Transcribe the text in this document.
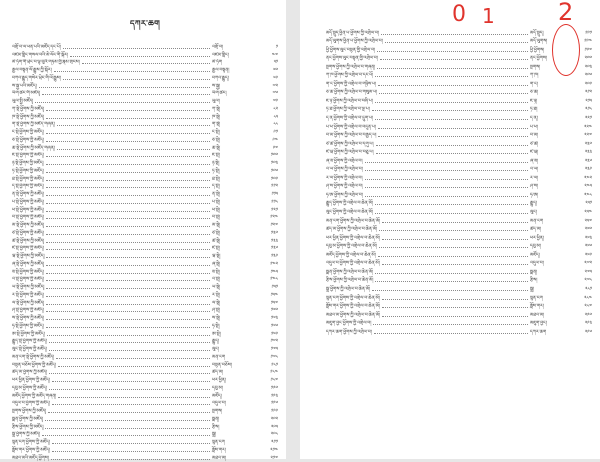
དཀར་ཆག
འགྲོ་བ་ལ་ཕན་པའི་མཛོད་དང་པོ།	འགྲོ་བ།	༡
འཛམ་གླིང་གསལ་བའི་མེ་ལོང་གི་སྐོར།	འཛམ་གླིང།	༤༧
མེ་ཏོག་གི་ཕྲེང་བ་ལྟ་བུའི་གཏམ་གྱི་རྣམ་གྲངས།	མེ་ཏོག	༥༡
རྒྱལ་བསྟན་ལོ་རྒྱུས་ཀྱི་སྐོར།	རྒྱལ་བསྟན།	༦༠
བཀའ་རྒྱུད་གསེར་ཕྲེང་གི་ལོ་རྒྱུས།	བཀའ་རྒྱུད།	༦༩
ས་སྐྱ་པའི་མཛོད།	ས་སྐྱ།	༧༢
ཡིག་ཚང་གི་མཛོད།	ཡིག་ཚང།	༧༦
ཡུལ་སྤྱི་མཛོད།	ཡུལ།	༧༩
ཀ་སྡེ་ཕྱོགས་ཀྱི་མཛོད།	ཀ་སྡེ།	༨༢
ཁ་སྡེ་ཕྱོགས་ཀྱི་མཛོད།	ཁ་སྡེ།	༨༥
ག་སྡེ་ཕྱོགས་ཀྱི་མཛོད་གཞན།	ག་སྡེ།	༨༨
ང་སྡེ་ཕྱོགས་ཀྱི་མཛོད།	ང་སྡེ།	༩༡
ཅ་སྡེ་ཕྱོགས་ཀྱི་མཛོད།	ཅ་སྡེ།	༩༤
ཆ་སྡེ་ཕྱོགས་ཀྱི་མཛོད་གཞན།	ཆ་སྡེ།	༩༧
ཇ་སྡེ་ཕྱོགས་ཀྱི་མཛོད།	ཇ་སྡེ།	༡༠༠
ཉ་སྡེ་ཕྱོགས་ཀྱི་མཛོད།	ཉ་སྡེ།	༡༠༣
ཏ་སྡེ་ཕྱོགས་ཀྱི་མཛོད།	ཏ་སྡེ།	༡༠༦
ཐ་སྡེ་ཕྱོགས་ཀྱི་མཛོད།	ཐ་སྡེ།	༡༠༩
ད་སྡེ་ཕྱོགས་ཀྱི་མཛོད།	ད་སྡེ།	༡༡༢
ན་སྡེ་ཕྱོགས་ཀྱི་མཛོད།	ན་སྡེ།	༡༡༥
པ་སྡེ་ཕྱོགས་ཀྱི་མཛོད།	པ་སྡེ།	༡༡༨
ཕ་སྡེ་ཕྱོགས་ཀྱི་མཛོད།	ཕ་སྡེ།	༡༢༡
བ་སྡེ་ཕྱོགས་ཀྱི་མཛོད།	བ་སྡེ།	༡༢༤
མ་སྡེ་ཕྱོགས་ཀྱི་མཛོད།	མ་སྡེ།	༡༢༧
ཙ་སྡེ་ཕྱོགས་ཀྱི་མཛོད།	ཙ་སྡེ།	༡༣༠
ཚ་སྡེ་ཕྱོགས་ཀྱི་མཛོད།	ཚ་སྡེ།	༡༣༣
ཛ་སྡེ་ཕྱོགས་ཀྱི་མཛོད།	ཛ་སྡེ།	༡༣༦
ཝ་སྡེ་ཕྱོགས་ཀྱི་མཛོད།	ཝ་སྡེ།	༡༣༩
ཞ་སྡེ་ཕྱོགས་ཀྱི་མཛོད།	ཞ་སྡེ།	༡༤༢
ཟ་སྡེ་ཕྱོགས་ཀྱི་མཛོད།	ཟ་སྡེ།	༡༤༥
འ་སྡེ་ཕྱོགས་ཀྱི་མཛོད།	འ་སྡེ།	༡༤༨
ཡ་སྡེ་ཕྱོགས་ཀྱི་མཛོད།	ཡ་སྡེ།	༡༥༡
ར་སྡེ་ཕྱོགས་ཀྱི་མཛོད།	ར་སྡེ།	༡༥༤
ལ་སྡེ་ཕྱོགས་ཀྱི་མཛོད།	ལ་སྡེ།	༡༥༧
ཤ་སྡེ་ཕྱོགས་ཀྱི་མཛོད།	ཤ་སྡེ།	༡༦༠
ས་སྡེ་ཕྱོགས་ཀྱི་མཛོད།	ས་སྡེ།	༡༦༣
ཧ་སྡེ་ཕྱོགས་ཀྱི་མཛོད།	ཧ་སྡེ།	༡༦༦
ཨ་སྡེ་ཕྱོགས་ཀྱི་མཛོད།	ཨ་སྡེ།	༡༦༩
རྒྱུད་སྡེ་ཕྱོགས་ཀྱི་མཛོད།	རྒྱུད།	༡༧༢
ལུང་སྡེ་ཕྱོགས་ཀྱི་མཛོད།	ལུང།	༡༧༥
མན་ངག་སྡེ་ཕྱོགས་ཀྱི་མཛོད།	མན་ངག	༡༧༨
བསྟན་བཅོས་ཕྱོགས་ཀྱི་མཛོད།	བསྟན་བཅོས།	༡༨༡
ཚད་མ་ཕྱོགས་ཀྱི་མཛོད།	ཚད་མ།	༡༨༤
ཕར་ཕྱིན་ཕྱོགས་ཀྱི་མཛོད།	ཕར་ཕྱིན།	༡༨༧
དབུ་མ་ཕྱོགས་ཀྱི་མཛོད།	དབུ་མ།	༡༩༠
མཛོད་ཕྱོགས་ཀྱི་མཛོད་གཞན།	མཛོད།	༡༩༣
འདུལ་བ་ཕྱོགས་ཀྱི་མཛོད།	འདུལ་བ།	༡༩༦
སྔགས་ཕྱོགས་ཀྱི་མཛོད།	སྔགས།	༡༩༩
སྨན་ཕྱོགས་ཀྱི་མཛོད།	སྨན།	༢༠༢
རྩིས་ཕྱོགས་ཀྱི་མཛོད།	རྩིས།	༢༠༥
སྒྲ་ཕྱོགས་ཀྱི་མཛོད།	སྒྲ།	༢༠༨
སྙན་ངག་ཕྱོགས་ཀྱི་མཛོད།	སྙན་ངག	༢༡༡
ཟློས་གར་ཕྱོགས་ཀྱི་མཛོད།	ཟློས་གར།	༢༡༤
མཐའ་མའི་མཛོད་ཕྱོགས།	མཐའ་མ།	༢༡༧
མདོ་སྡུད་ཕྱིན་པ་ཕྱོགས་ཀྱི་འགྲེལ་བ།	མདོ་སྡུད།	༡༩༡
མདོ་ལུགས་ཕྱིན་པ་ཕྱོགས་ཀྱི་འགྲེལ་བ།	མདོ་ལུགས།	༡༩༤
ཕྱི་ཕྱོགས་ལུང་བསྟན་གྱི་འགྲེལ་བ།	ཕྱི་ཕྱོགས།	༡༩༧
ནང་ཕྱོགས་ལུང་བསྟན་གྱི་འགྲེལ་བ།	ནང་ཕྱོགས།	༢༠༠
སྔགས་ཕྱོགས་ཀྱི་འགྲེལ་བ་གཞན།	སྔགས།	༢༠༣
ཀ་ཁ་ཕྱོགས་ཀྱི་འགྲེལ་བ་དང་པོ།	ཀ་ཁ།	༢༠༦
ག་ང་ཕྱོགས་ཀྱི་འགྲེལ་བ་གཉིས་པ།	ག་ང།	༢༠༩
ཅ་ཆ་ཕྱོགས་ཀྱི་འགྲེལ་བ་གསུམ་པ།	ཅ་ཆ།	༢༡༢
ཇ་ཉ་ཕྱོགས་ཀྱི་འགྲེལ་བ་བཞི་པ།	ཇ་ཉ།	༢༡༥
ཏ་ཐ་ཕྱོགས་ཀྱི་འགྲེལ་བ་ལྔ་པ།	ཏ་ཐ།	༢༡༨
ད་ན་ཕྱོགས་ཀྱི་འགྲེལ་བ་དྲུག་པ།	ད་ན།	༢༢༡
པ་ཕ་ཕྱོགས་ཀྱི་འགྲེལ་བ་བདུན་པ།	པ་ཕ།	༢༢༤
བ་མ་ཕྱོགས་ཀྱི་འགྲེལ་བ་བརྒྱད་པ།	བ་མ།	༢༢༧
ཙ་ཚ་ཕྱོགས་ཀྱི་འགྲེལ་བ་དགུ་པ།	ཙ་ཚ།	༢༣༠
ཛ་ཝ་ཕྱོགས་ཀྱི་འགྲེལ་བ་བཅུ་པ།	ཛ་ཝ།	༢༣༣
ཞ་ཟ་ཕྱོགས་ཀྱི་འགྲེལ་བ།	ཞ་ཟ།	༢༣༦
འ་ཡ་ཕྱོགས་ཀྱི་འགྲེལ་བ།	འ་ཡ།	༢༣༩
ར་ལ་ཕྱོགས་ཀྱི་འགྲེལ་བ།	ར་ལ།	༢༤༢
ཤ་ས་ཕྱོགས་ཀྱི་འགྲེལ་བ།	ཤ་ས།	༢༤༥
ཧ་ཨ་ཕྱོགས་ཀྱི་འགྲེལ་བ།	ཧ་ཨ།	༢༤༨
རྒྱུད་ཕྱོགས་ཀྱི་འགྲེལ་བ་ཆེན་མོ།	རྒྱུད།	༢༥༡
ལུང་ཕྱོགས་ཀྱི་འགྲེལ་བ་ཆེན་མོ།	ལུང།	༢༥༤
མན་ངག་ཕྱོགས་ཀྱི་འགྲེལ་བ་ཆེན་མོ།	མན་ངག	༢༥༧
ཚད་མ་ཕྱོགས་ཀྱི་འགྲེལ་བ་ཆེན་མོ།	ཚད་མ།	༢༦༠
ཕར་ཕྱིན་ཕྱོགས་ཀྱི་འགྲེལ་བ་ཆེན་མོ།	ཕར་ཕྱིན།	༢༦༣
དབུ་མ་ཕྱོགས་ཀྱི་འགྲེལ་བ་ཆེན་མོ།	དབུ་མ།	༢༦༦
མཛོད་ཕྱོགས་ཀྱི་འགྲེལ་བ་ཆེན་མོ།	མཛོད།	༢༦༩
འདུལ་བ་ཕྱོགས་ཀྱི་འགྲེལ་བ་ཆེན་མོ།	འདུལ་བ།	༢༧༢
སྨན་ཕྱོགས་ཀྱི་འགྲེལ་བ་ཆེན་མོ།	སྨན།	༢༧༥
རྩིས་ཕྱོགས་ཀྱི་འགྲེལ་བ་ཆེན་མོ།	རྩིས།	༢༧༨
སྒྲ་ཕྱོགས་ཀྱི་འགྲེལ་བ་ཆེན་མོ།	སྒྲ།	༢༨༡
སྙན་ངག་ཕྱོགས་ཀྱི་འགྲེལ་བ་ཆེན་མོ།	སྙན་ངག	༢༨༤
ཟློས་གར་ཕྱོགས་ཀྱི་འགྲེལ་བ་ཆེན་མོ།	ཟློས་གར།	༢༨༧
མཐའ་མ་ཕྱོགས་ཀྱི་འགྲེལ་བ་ཆེན་མོ།	མཐའ་མ།	༢༩༠
མཇུག་བྱང་ཕྱོགས་ཀྱི་འགྲེལ་བ།	མཇུག་བྱང།	༢༩༣
དཀར་ཆག་ཕྱོགས་ཀྱི་འགྲེལ་བ།	དཀར་ཆག	༢༩༦
0 1	2
